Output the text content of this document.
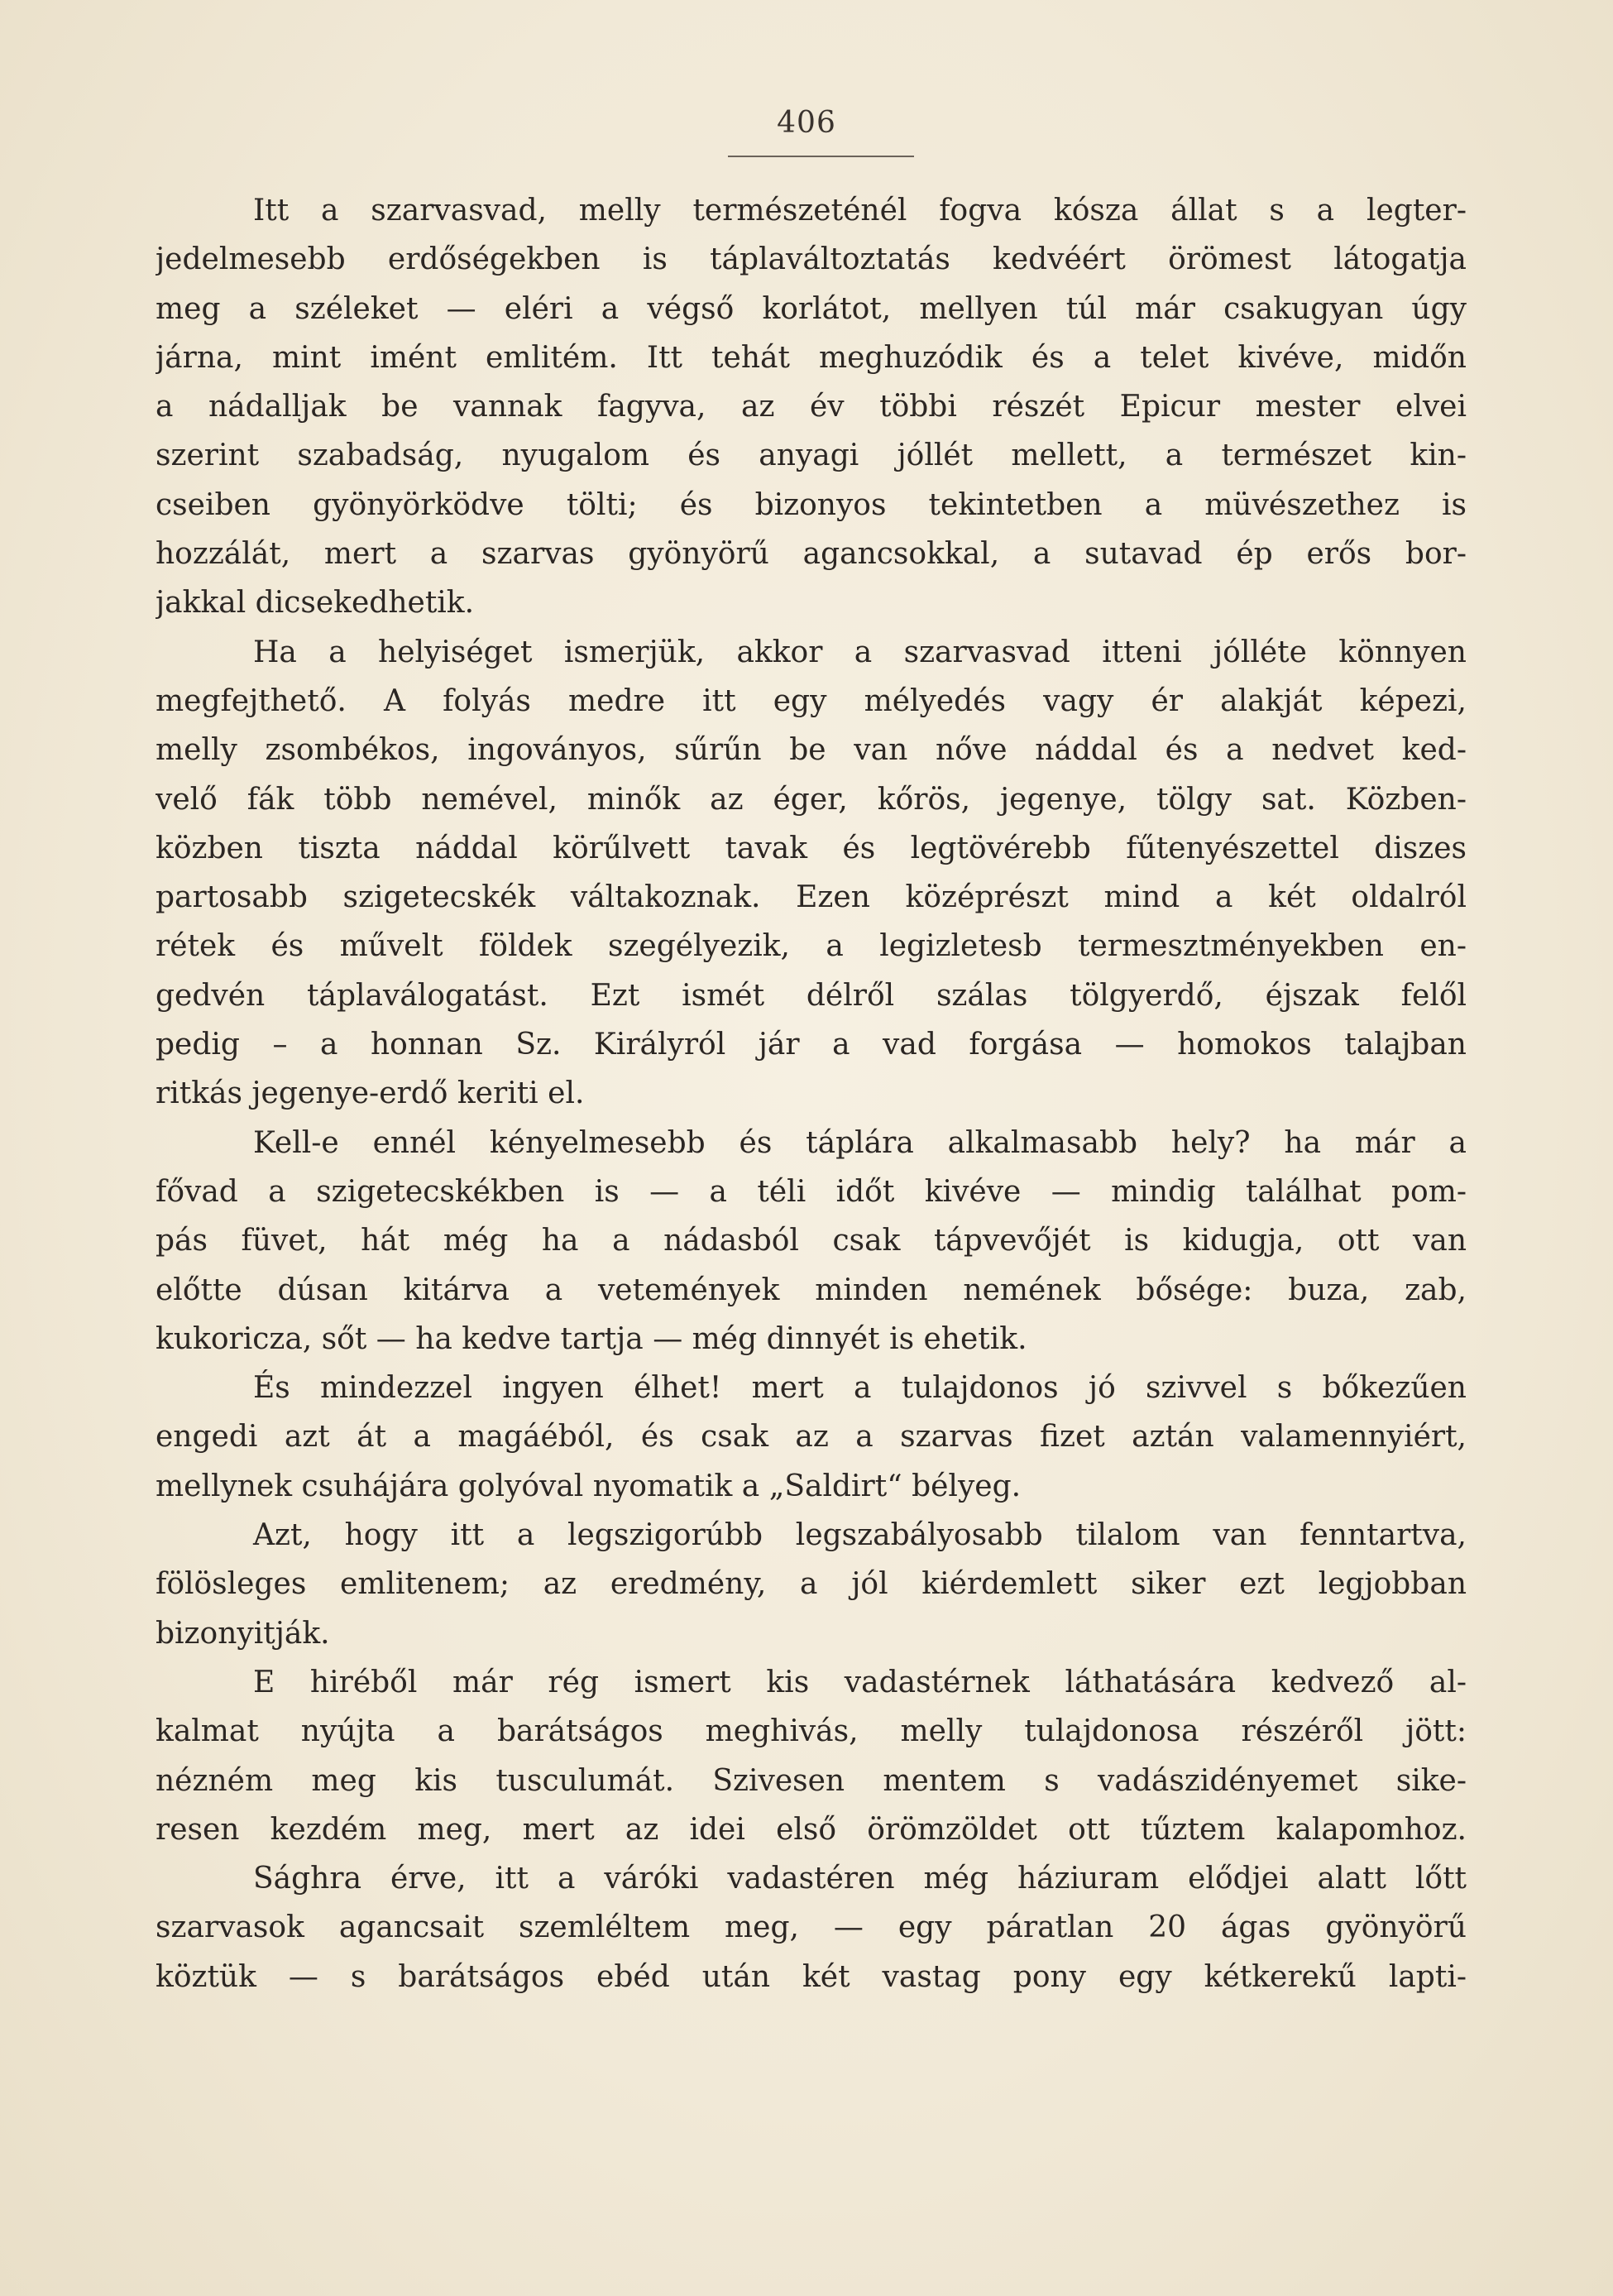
406
Itt a szarvasvad, melly természeténél fogva kósza állat s a legter-
jedelmesebb erdőségekben is táplaváltoztatás kedvéért örömest látogatja
meg a széleket — eléri a végső korlátot, mellyen túl már csakugyan úgy
járna, mint imént emlitém. Itt tehát meghuzódik és a telet kivéve, midőn
a nádalljak be vannak fagyva, az év többi részét Epicur mester elvei
szerint szabadság, nyugalom és anyagi jóllét mellett, a természet kin-
cseiben gyönyörködve tölti; és bizonyos tekintetben a müvészethez is
hozzálát, mert a szarvas gyönyörű agancsokkal, a sutavad ép erős bor-
jakkal dicsekedhetik.
Ha a helyiséget ismerjük, akkor a szarvasvad itteni jólléte könnyen
megfejthető. A folyás medre itt egy mélyedés vagy ér alakját képezi,
melly zsombékos, ingoványos, sűrűn be van nőve náddal és a nedvet ked-
velő fák több nemével, minők az éger, kőrös, jegenye, tölgy sat. Közben-
közben tiszta náddal körűlvett tavak és legtövérebb fűtenyészettel diszes
partosabb szigetecskék váltakoznak. Ezen középrészt mind a két oldalról
rétek és művelt földek szegélyezik, a legizletesb termesztményekben en-
gedvén táplaválogatást. Ezt ismét délről szálas tölgyerdő, éjszak felől
pedig – a honnan Sz. Királyról jár a vad forgása — homokos talajban
ritkás jegenye-erdő keriti el.
Kell-e ennél kényelmesebb és táplára alkalmasabb hely? ha már a
fővad a szigetecskékben is — a téli időt kivéve — mindig találhat pom-
pás füvet, hát még ha a nádasból csak tápvevőjét is kidugja, ott van
előtte dúsan kitárva a vetemények minden nemének bősége: buza, zab,
kukoricza, sőt — ha kedve tartja — még dinnyét is ehetik.
És mindezzel ingyen élhet! mert a tulajdonos jó szivvel s bőkezűen
engedi azt át a magáéból, és csak az a szarvas fizet aztán valamennyiért,
mellynek csuhájára golyóval nyomatik a „Saldirt“ bélyeg.
Azt, hogy itt a legszigorúbb legszabályosabb tilalom van fenntartva,
fölösleges emlitenem; az eredmény, a jól kiérdemlett siker ezt legjobban
bizonyitják.
E hiréből már rég ismert kis vadastérnek láthatására kedvező al-
kalmat nyújta a barátságos meghivás, melly tulajdonosa részéről jött:
nézném meg kis tusculumát. Szivesen mentem s vadászidényemet sike-
resen kezdém meg, mert az idei első örömzöldet ott tűztem kalapomhoz.
Sághra érve, itt a váróki vadastéren még háziuram elődjei alatt lőtt
szarvasok agancsait szemléltem meg, — egy páratlan 20 ágas gyönyörű
köztük — s barátságos ebéd után két vastag pony egy kétkerekű lapti-
